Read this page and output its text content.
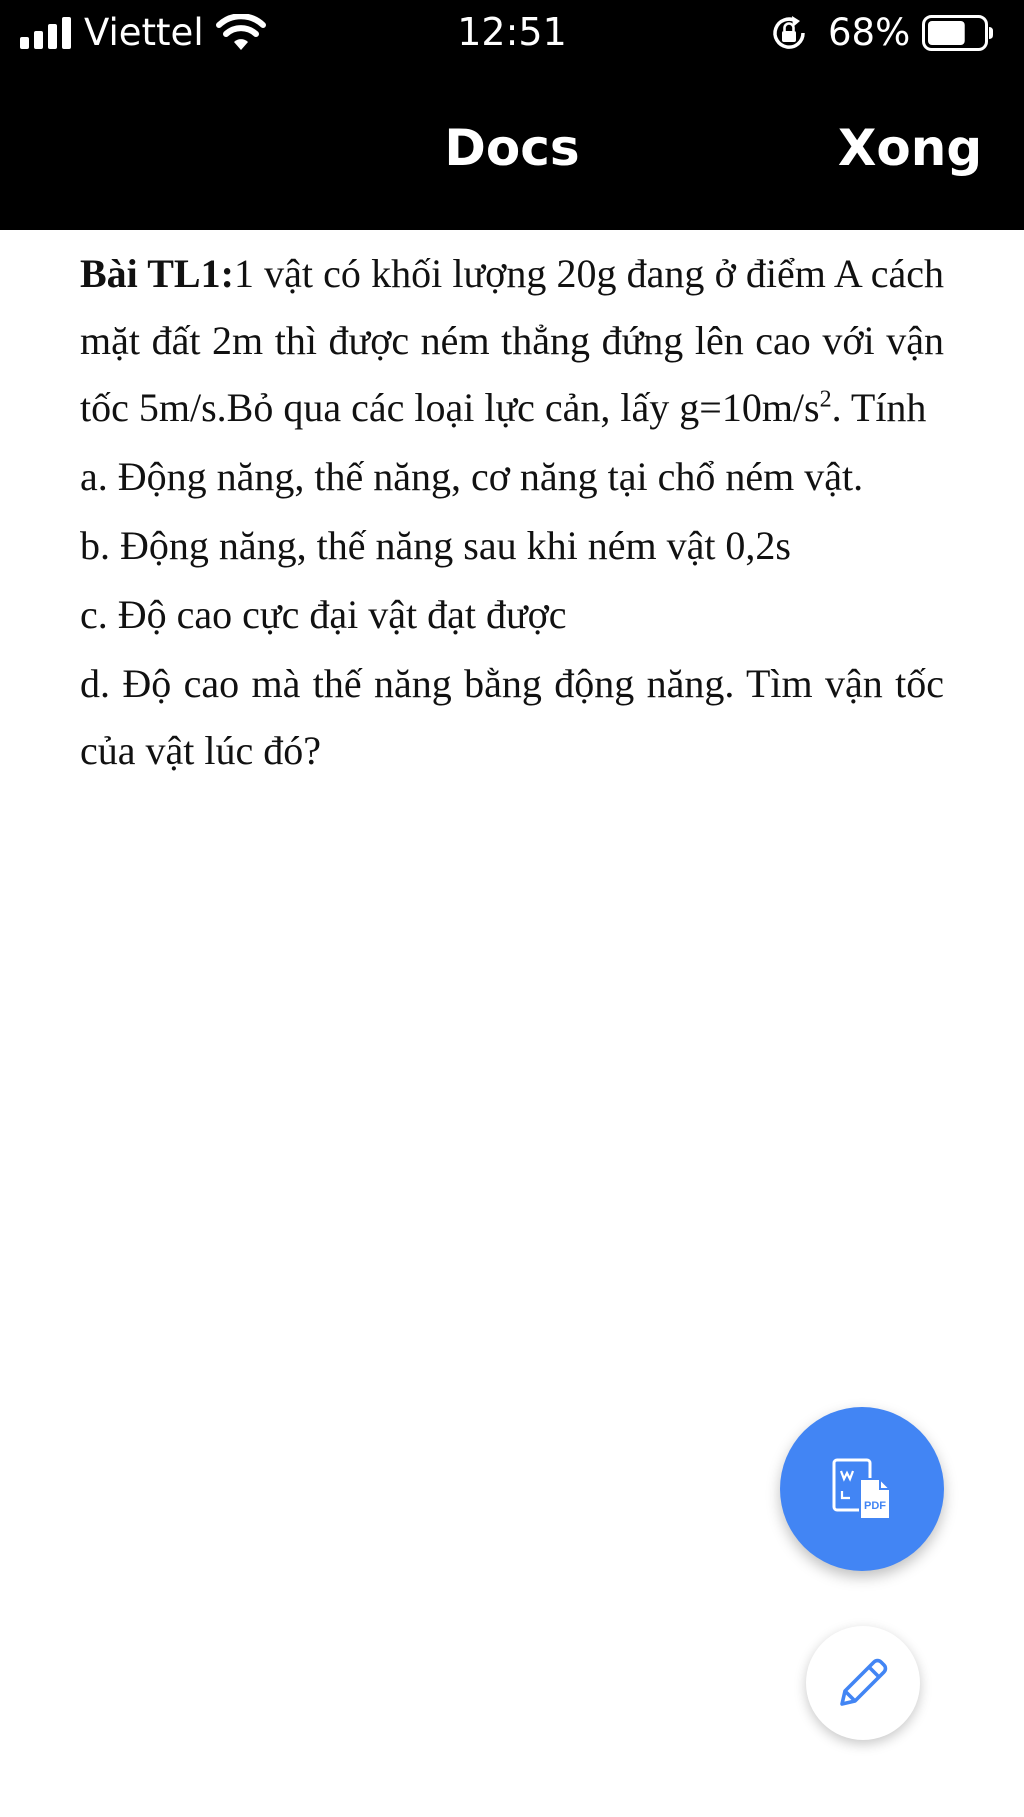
Viettel	12:51	68%
Docs	Xong

Bài TL1:1 vật có khối lượng 20g đang ở điểm A cách mặt đất 2m thì được ném thẳng đứng lên cao với vận tốc 5m/s.Bỏ qua các loại lực cản, lấy $g=10m/s^2$. Tính

a. Động năng, thế năng, cơ năng tại chổ ném vật.

b. Động năng, thế năng sau khi ném vật 0,2s

c. Độ cao cực đại vật đạt được

d. Độ cao mà thế năng bằng động năng. Tìm vận tốc của vật lúc đó?

PDF
